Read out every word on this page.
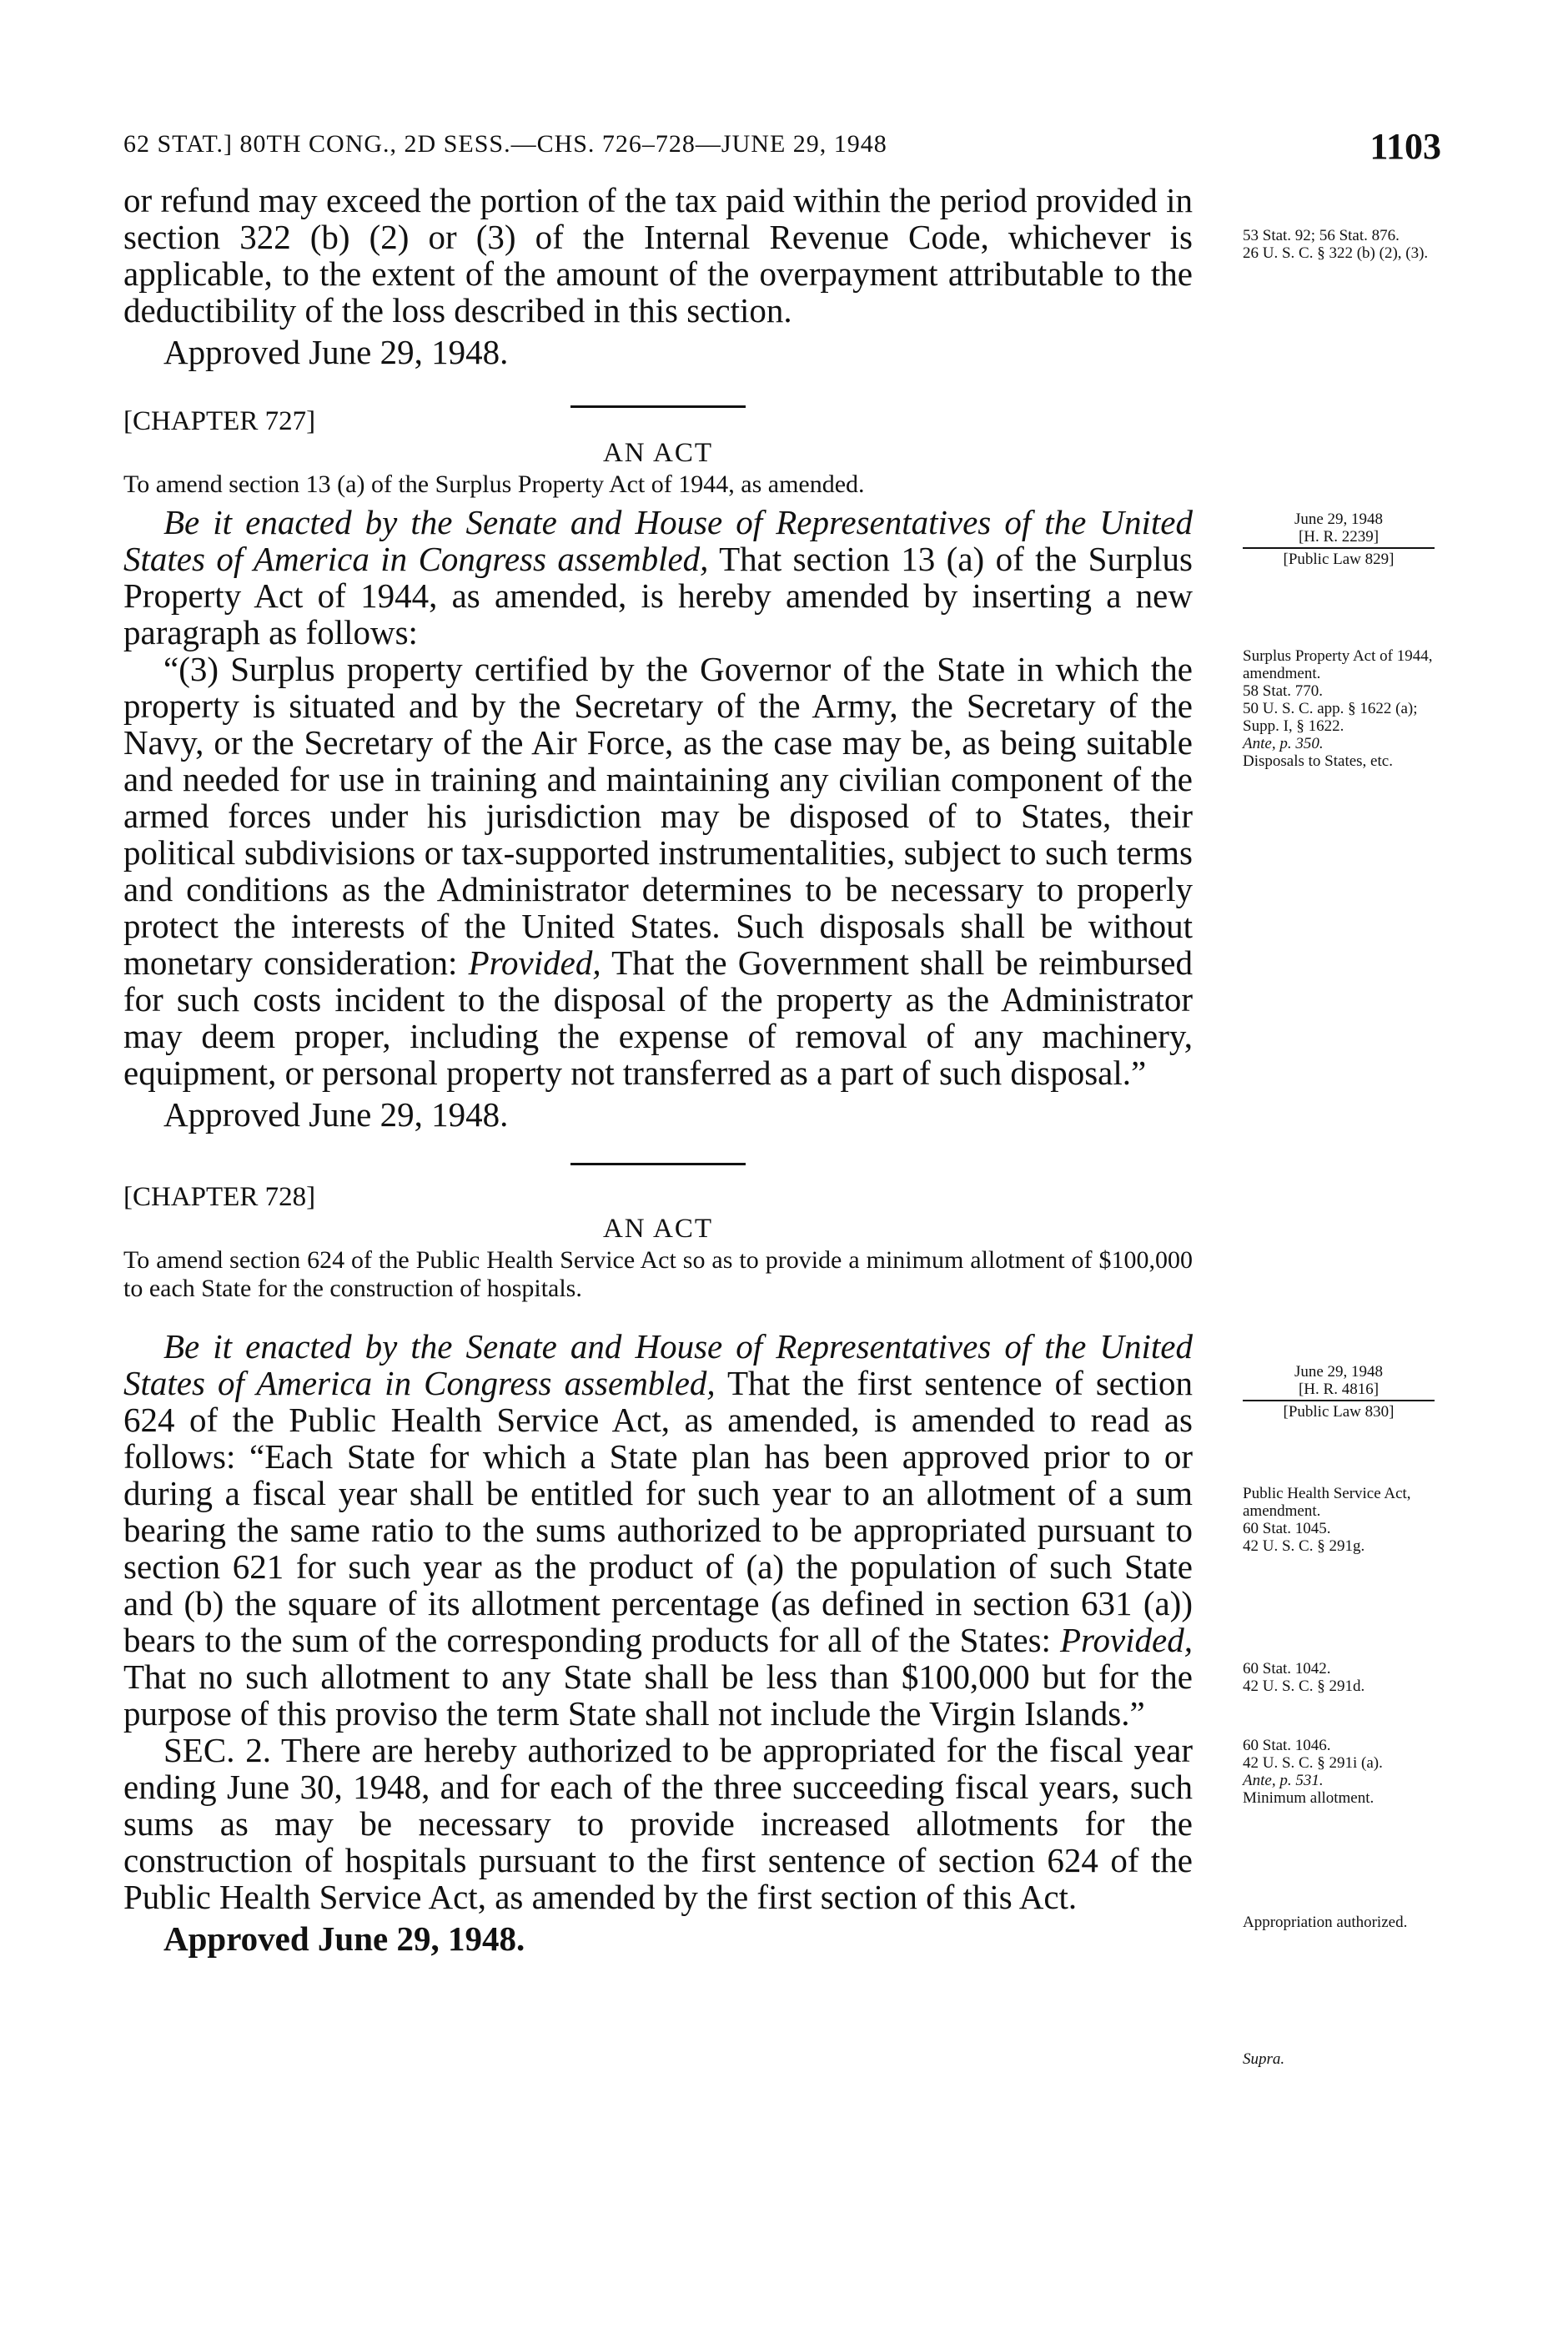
62 STAT.] 80TH CONG., 2D SESS.—CHS. 726–728—JUNE 29, 1948	1103

or refund may exceed the portion of the tax paid within the period provided in section 322 (b) (2) or (3) of the Internal Revenue Code, whichever is applicable, to the extent of the amount of the overpayment attributable to the deductibility of the loss described in this section.

Approved June 29, 1948.

[CHAPTER 727]

AN ACT

To amend section 13 (a) of the Surplus Property Act of 1944, as amended.

Be it enacted by the Senate and House of Representatives of the United States of America in Congress assembled, That section 13 (a) of the Surplus Property Act of 1944, as amended, is hereby amended by inserting a new paragraph as follows:

“(3) Surplus property certified by the Governor of the State in which the property is situated and by the Secretary of the Army, the Secretary of the Navy, or the Secretary of the Air Force, as the case may be, as being suitable and needed for use in training and maintaining any civilian component of the armed forces under his jurisdiction may be disposed of to States, their political subdivisions or tax-supported instrumentalities, subject to such terms and conditions as the Administrator determines to be necessary to properly protect the interests of the United States. Such disposals shall be without monetary consideration: Provided, That the Government shall be reimbursed for such costs incident to the disposal of the property as the Administrator may deem proper, including the expense of removal of any machinery, equipment, or personal property not transferred as a part of such disposal.”

Approved June 29, 1948.

[CHAPTER 728]

AN ACT

To amend section 624 of the Public Health Service Act so as to provide a minimum allotment of $100,000 to each State for the construction of hospitals.

Be it enacted by the Senate and House of Representatives of the United States of America in Congress assembled, That the first sentence of section 624 of the Public Health Service Act, as amended, is amended to read as follows: “Each State for which a State plan has been approved prior to or during a fiscal year shall be entitled for such year to an allotment of a sum bearing the same ratio to the sums authorized to be appropriated pursuant to section 621 for such year as the product of (a) the population of such State and (b) the square of its allotment percentage (as defined in section 631 (a)) bears to the sum of the corresponding products for all of the States: Provided, That no such allotment to any State shall be less than $100,000 but for the purpose of this proviso the term State shall not include the Virgin Islands.”

SEC. 2. There are hereby authorized to be appropriated for the fiscal year ending June 30, 1948, and for each of the three succeeding fiscal years, such sums as may be necessary to provide increased allotments for the construction of hospitals pursuant to the first sentence of section 624 of the Public Health Service Act, as amended by the first section of this Act.

Approved June 29, 1948.

53 Stat. 92; 56 Stat. 876.
26 U. S. C. § 322 (b) (2), (3).
June 29, 1948
[H. R. 2239]
[Public Law 829]
Surplus Property Act of 1944, amendment.
58 Stat. 770.
50 U. S. C. app. § 1622 (a); Supp. I, § 1622.
Ante, p. 350.
Disposals to States, etc.
June 29, 1948
[H. R. 4816]
[Public Law 830]
Public Health Service Act, amendment.
60 Stat. 1045.
42 U. S. C. § 291g.
60 Stat. 1042.
42 U. S. C. § 291d.
60 Stat. 1046.
42 U. S. C. § 291i (a).
Ante, p. 531.
Minimum allotment.
Appropriation authorized.
Supra.
